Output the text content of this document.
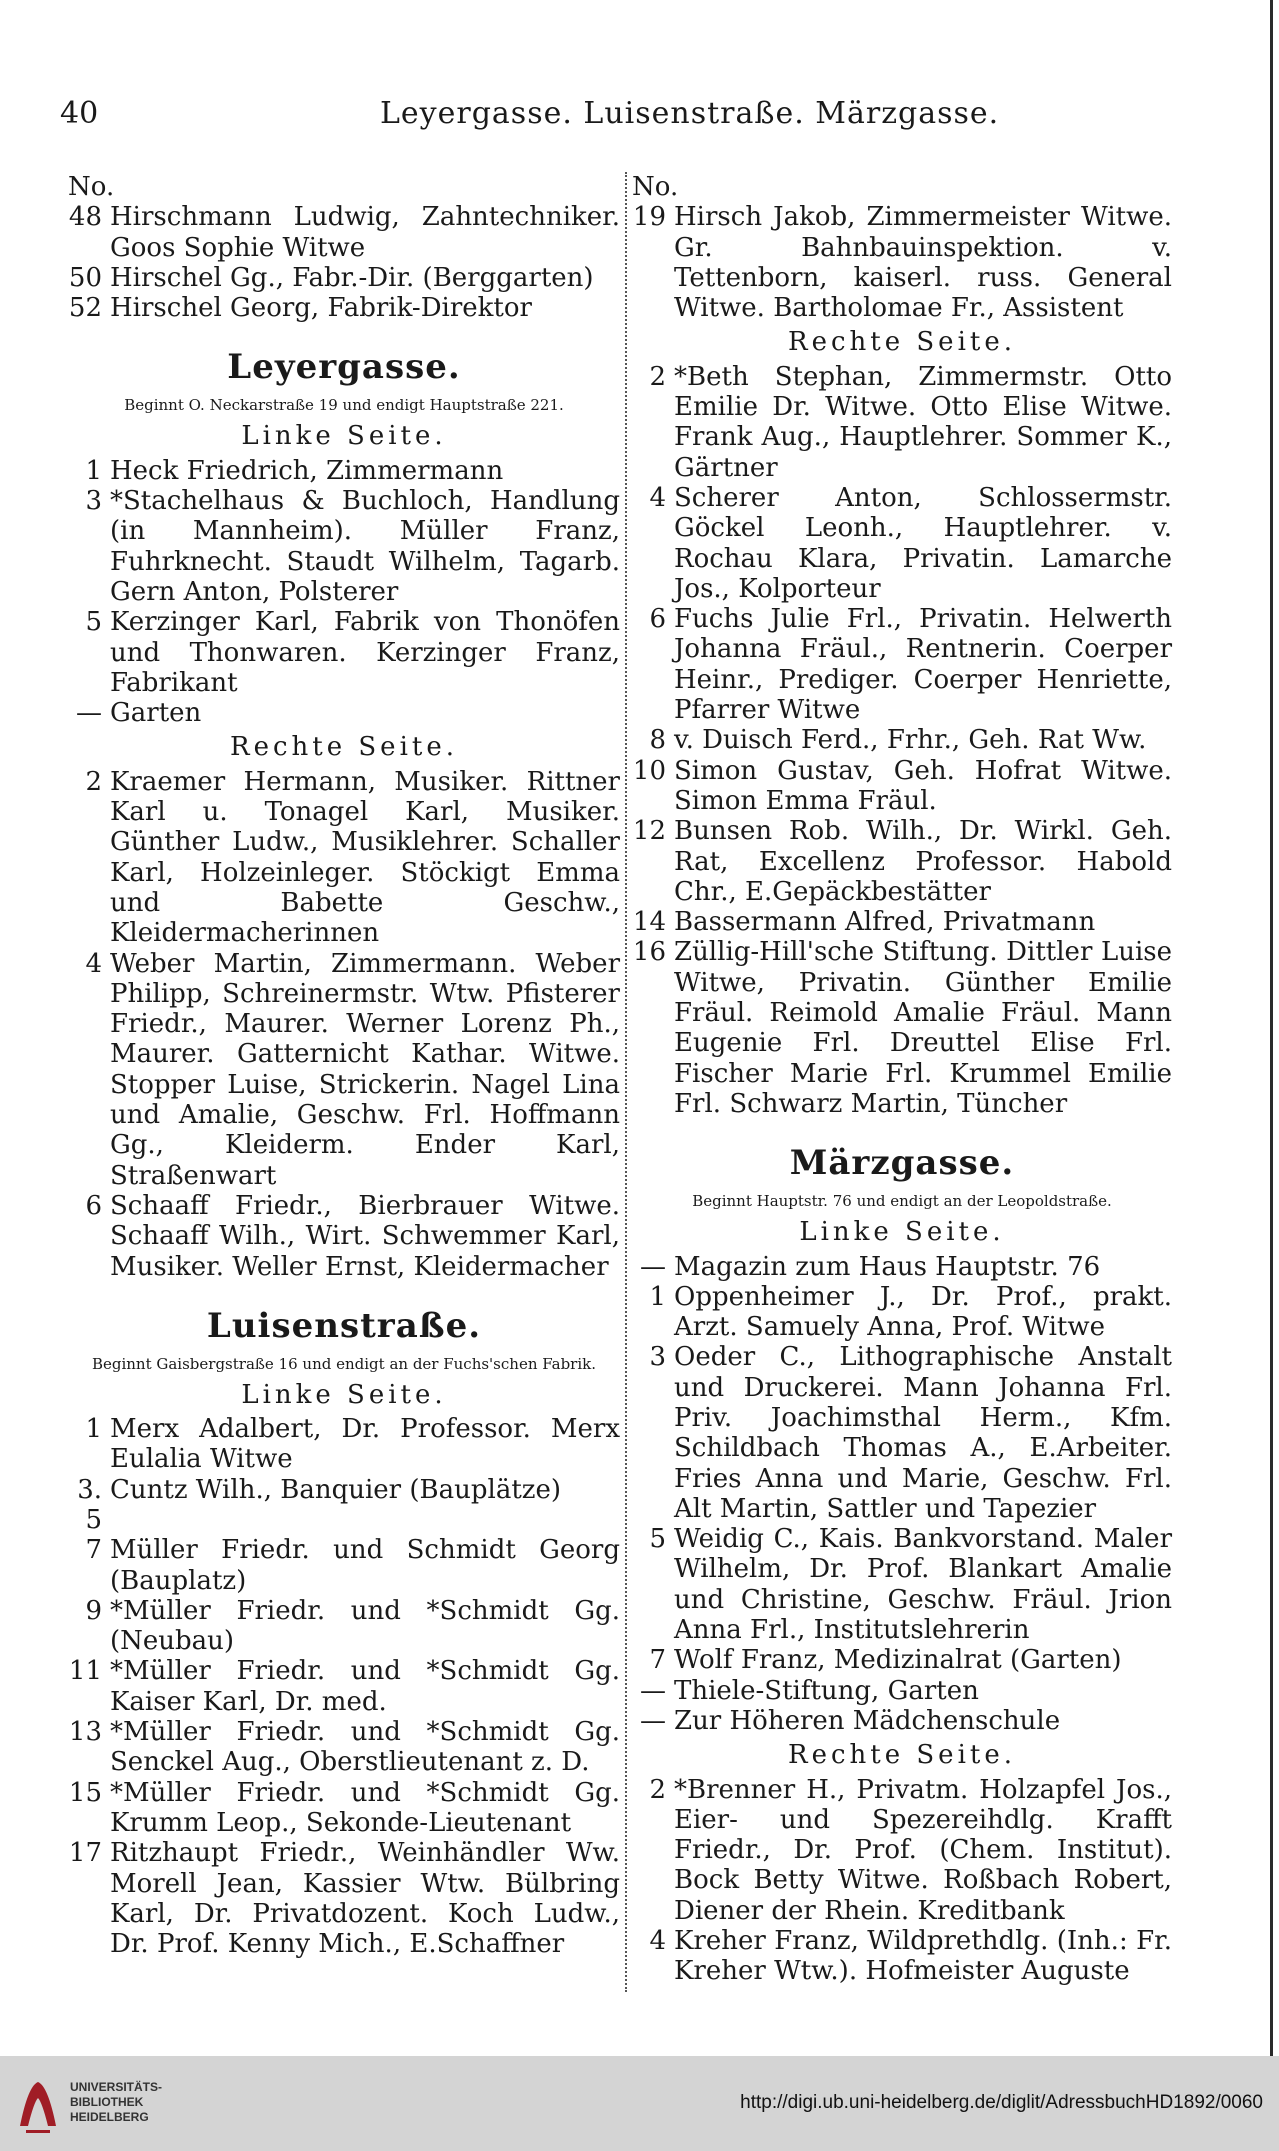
40	Leyergasse. Luisenstraße. Märzgasse.
No.
48 Hirschmann Ludwig, Zahntechniker. Goos Sophie Witwe
50 Hirschel Gg., Fabr.-Dir. (Berggarten)
52 Hirschel Georg, Fabrik-Direktor
Leyergasse.
Beginnt O. Neckarstraße 19 und endigt Hauptstraße 221.
Linke Seite.
1 Heck Friedrich, Zimmermann
3 *Stachelhaus & Buchloch, Handlung (in Mannheim). Müller Franz, Fuhrknecht. Staudt Wilhelm, Tagarb. Gern Anton, Polsterer
5 Kerzinger Karl, Fabrik von Thonöfen und Thonwaren. Kerzinger Franz, Fabrikant
— Garten
Rechte Seite.
2 Kraemer Hermann, Musiker. Rittner Karl u. Tonagel Karl, Musiker. Günther Ludw., Musiklehrer. Schaller Karl, Holzeinleger. Stöckigt Emma und Babette Geschw., Kleidermacherinnen
4 Weber Martin, Zimmermann. Weber Philipp, Schreinermstr. Wtw. Pfisterer Friedr., Maurer. Werner Lorenz Ph., Maurer. Gatternicht Kathar. Witwe. Stopper Luise, Strickerin. Nagel Lina und Amalie, Geschw. Frl. Hoffmann Gg., Kleiderm. Ender Karl, Straßenwart
6 Schaaff Friedr., Bierbrauer Witwe. Schaaff Wilh., Wirt. Schwemmer Karl, Musiker. Weller Ernst, Kleidermacher
Luisenstraße.
Beginnt Gaisbergstraße 16 und endigt an der Fuchs'schen Fabrik.
Linke Seite.
1 Merx Adalbert, Dr. Professor. Merx Eulalia Witwe
3. 5
Cuntz Wilh., Banquier (Bauplätze)
7 Müller Friedr. und Schmidt Georg (Bauplatz)
9 *Müller Friedr. und *Schmidt Gg. (Neubau)
11 *Müller Friedr. und *Schmidt Gg. Kaiser Karl, Dr. med.
13 *Müller Friedr. und *Schmidt Gg. Senckel Aug., Oberstlieutenant z. D.
15 *Müller Friedr. und *Schmidt Gg. Krumm Leop., Sekonde-Lieutenant
17 Ritzhaupt Friedr., Weinhändler Ww. Morell Jean, Kassier Wtw. Bülbring Karl, Dr. Privatdozent. Koch Ludw., Dr. Prof. Kenny Mich., E.Schaffner
No.
19 Hirsch Jakob, Zimmermeister Witwe. Gr. Bahnbauinspektion. v. Tettenborn, kaiserl. russ. General Witwe. Bartholomae Fr., Assistent
Rechte Seite.
2 *Beth Stephan, Zimmermstr. Otto Emilie Dr. Witwe. Otto Elise Witwe. Frank Aug., Hauptlehrer. Sommer K., Gärtner
4 Scherer Anton, Schlossermstr. Göckel Leonh., Hauptlehrer. v. Rochau Klara, Privatin. Lamarche Jos., Kolporteur
6 Fuchs Julie Frl., Privatin. Helwerth Johanna Fräul., Rentnerin. Coerper Heinr., Prediger. Coerper Henriette, Pfarrer Witwe
8 v. Duisch Ferd., Frhr., Geh. Rat Ww.
10 Simon Gustav, Geh. Hofrat Witwe. Simon Emma Fräul.
12 Bunsen Rob. Wilh., Dr. Wirkl. Geh. Rat, Excellenz Professor. Habold Chr., E.Gepäckbestätter
14 Bassermann Alfred, Privatmann
16 Züllig-Hill'sche Stiftung. Dittler Luise Witwe, Privatin. Günther Emilie Fräul. Reimold Amalie Fräul. Mann Eugenie Frl. Dreuttel Elise Frl. Fischer Marie Frl. Krummel Emilie Frl. Schwarz Martin, Tüncher
Märzgasse.
Beginnt Hauptstr. 76 und endigt an der Leopoldstraße.
Linke Seite.
— Magazin zum Haus Hauptstr. 76
1 Oppenheimer J., Dr. Prof., prakt. Arzt. Samuely Anna, Prof. Witwe
3 Oeder C., Lithographische Anstalt und Druckerei. Mann Johanna Frl. Priv. Joachimsthal Herm., Kfm. Schildbach Thomas A., E.Arbeiter. Fries Anna und Marie, Geschw. Frl. Alt Martin, Sattler und Tapezier
5 Weidig C., Kais. Bankvorstand. Maler Wilhelm, Dr. Prof. Blankart Amalie und Christine, Geschw. Fräul. Jrion Anna Frl., Institutslehrerin
7 Wolf Franz, Medizinalrat (Garten)
— Thiele-Stiftung, Garten
— Zur Höheren Mädchenschule
Rechte Seite.
2 *Brenner H., Privatm. Holzapfel Jos., Eier- und Spezereihdlg. Krafft Friedr., Dr. Prof. (Chem. Institut). Bock Betty Witwe. Roßbach Robert, Diener der Rhein. Kreditbank
4 Kreher Franz, Wildprethdlg. (Inh.: Fr. Kreher Wtw.). Hofmeister Auguste
UNIVERSITÄTS-
BIBLIOTHEK
HEIDELBERG
http://digi.ub.uni-heidelberg.de/diglit/AdressbuchHD1892/0060
